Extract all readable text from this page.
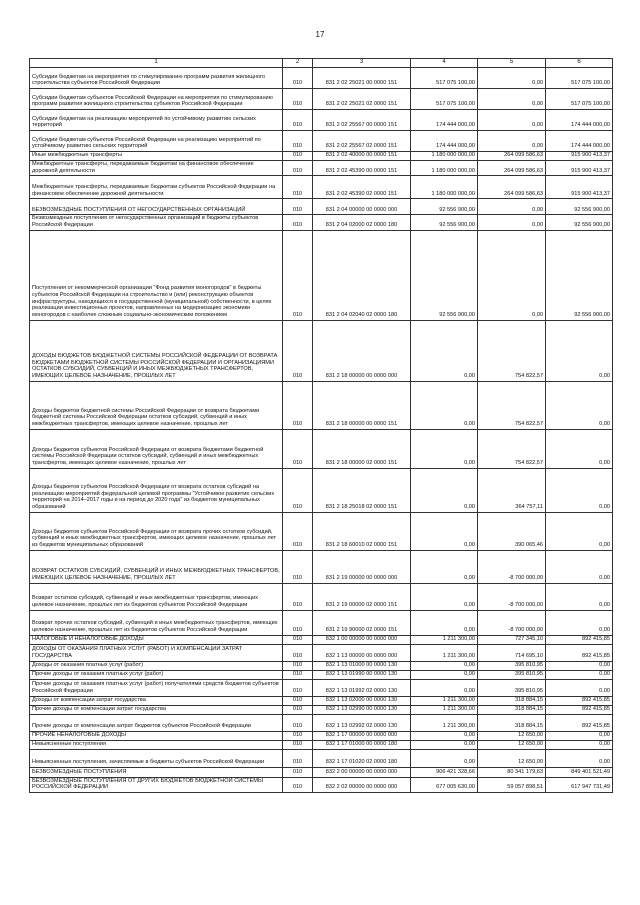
17
1	2	3	4	5	6
Субсидии бюджетам на мероприятия по стимулированию программ развития жилищного строительства субъектов Российской Федерации	010	831 2 02 25021 00 0000 151	517 075 100,00	0,00	517 075 100,00
Субсидии бюджетам субъектов Российской Федерации на мероприятия по стимулированию программ развития жилищного строительства субъектов Российской Федерации	010	831 2 02 25021 02 0000 151	517 075 100,00	0,00	517 075 100,00
Субсидии бюджетам на реализацию мероприятий по устойчивому развитию сельских территорий	010	831 2 02 25567 00 0000 151	174 444 000,00	0,00	174 444 000,00
Субсидии бюджетам субъектов Российской Федерации на реализацию мероприятий по устойчивому развитию сельских территорий	010	831 2 02 25567 02 0000 151	174 444 000,00	0,00	174 444 000,00
Иные межбюджетные трансферты	010	831 2 02 40000 00 0000 151	1 180 000 000,00	264 099 586,63	915 900 413,37
Межбюджетные трансферты, передаваемые бюджетам на финансовое обеспечение дорожной деятельности	010	831 2 02 45390 00 0000 151	1 180 000 000,00	264 099 586,63	915 900 413,37
Межбюджетные трансферты, передаваемые бюджетам субъектов Российской Федерации на финансовое обеспечение дорожной деятельности	010	831 2 02 45390 02 0000 151	1 180 000 000,00	264 099 586,63	915 900 413,37
БЕЗВОЗМЕЗДНЫЕ ПОСТУПЛЕНИЯ ОТ НЕГОСУДАРСТВЕННЫХ ОРГАНИЗАЦИЙ	010	831 2 04 00000 00 0000 000	92 556 900,00	0,00	92 556 900,00
Безвозмездные поступления от негосударственных организаций в бюджеты субъектов Российской Федерации	010	831 2 04 02000 02 0000 180	92 556 900,00	0,00	92 556 900,00
Поступления от некоммерческой организации "Фонд развития моногородов" в бюджеты субъектов Российской Федерации на строительство и (или) реконструкцию объектов инфраструктуры, находящихся в государственной (муниципальной) собственности, в целях реализации инвестиционных проектов, направленных на модернизацию экономики моногородов с наиболее сложным социально-экономическим положением	010	831 2 04 02040 02 0000 180	92 556 900,00	0,00	92 556 900,00
ДОХОДЫ БЮДЖЕТОВ БЮДЖЕТНОЙ СИСТЕМЫ РОССИЙСКОЙ ФЕДЕРАЦИИ ОТ ВОЗВРАТА БЮДЖЕТАМИ БЮДЖЕТНОЙ СИСТЕМЫ РОССИЙСКОЙ ФЕДЕРАЦИИ И ОРГАНИЗАЦИЯМИ ОСТАТКОВ СУБСИДИЙ, СУБВЕНЦИЙ И ИНЫХ МЕЖБЮДЖЕТНЫХ ТРАНСФЕРТОВ, ИМЕЮЩИХ ЦЕЛЕВОЕ НАЗНАЧЕНИЕ, ПРОШЛЫХ ЛЕТ	010	831 2 18 00000 00 0000 000	0,00	754 822,57	0,00
Доходы бюджетов бюджетной системы Российской Федерации от возврата бюджетами бюджетной системы Российской Федерации остатков субсидий, субвенций и иных межбюджетных трансфертов, имеющих целевое назначение, прошлых лет	010	831 2 18 00000 00 0000 151	0,00	754 822,57	0,00
Доходы бюджетов субъектов Российской Федерации от возврата бюджетами бюджетной системы Российской Федерации остатков субсидий, субвенций и иных межбюджетных трансфертов, имеющих целевое назначение, прошлых лет	010	831 2 18 00000 02 0000 151	0,00	754 822,57	0,00
Доходы бюджетов субъектов Российской Федерации от возврата остатков субсидий на реализацию мероприятий федеральной целевой программы "Устойчивое развитие сельских территорий на 2014–2017 годы и на период до 2020 года" из бюджетов муниципальных образований	010	831 2 18 25018 02 0000 151	0,00	364 757,11	0,00
Доходы бюджетов субъектов Российской Федерации от возврата прочих остатков субсидий, субвенций и иных межбюджетных трансфертов, имеющих целевое назначение, прошлых лет из бюджетов муниципальных образований	010	831 2 18 60010 02 0000 151	0,00	390 065,46	0,00
ВОЗВРАТ ОСТАТКОВ СУБСИДИЙ, СУБВЕНЦИЙ И ИНЫХ МЕЖБЮДЖЕТНЫХ ТРАНСФЕРТОВ, ИМЕЮЩИХ ЦЕЛЕВОЕ НАЗНАЧЕНИЕ, ПРОШЛЫХ ЛЕТ	010	831 2 19 00000 00 0000 000	0,00	-8 700 000,00	0,00
Возврат остатков субсидий, субвенций и иных межбюджетных трансфертов, имеющих целевое назначение, прошлых лет из бюджетов субъектов Российской Федерации	010	831 2 19 00000 02 0000 151	0,00	-8 700 000,00	0,00
Возврат прочих остатков субсидий, субвенций и иных межбюджетных трансфертов, имеющих целевое назначение, прошлых лет из бюджетов субъектов Российской Федерации	010	831 2 19 90000 02 0000 151	0,00	-8 700 000,00	0,00
НАЛОГОВЫЕ И НЕНАЛОГОВЫЕ ДОХОДЫ	010	832 1 00 00000 00 0000 000	1 211 300,00	727 345,10	892 415,85
ДОХОДЫ ОТ ОКАЗАНИЯ ПЛАТНЫХ УСЛУГ (РАБОТ) И КОМПЕНСАЦИИ ЗАТРАТ ГОСУДАРСТВА	010	832 1 13 00000 00 0000 000	1 211 300,00	714 695,10	892 415,85
Доходы от оказания платных услуг (работ)	010	832 1 13 01000 00 0000 130	0,00	395 810,95	0,00
Прочие доходы от оказания платных услуг (работ)	010	832 1 13 01990 00 0000 130	0,00	395 810,95	0,00
Прочие доходы от оказания платных услуг (работ) получателями средств бюджетов субъектов Российской Федерации	010	832 1 13 01992 02 0000 130	0,00	395 810,95	0,00
Доходы от компенсации затрат государства	010	832 1 13 02000 00 0000 130	1 211 300,00	318 884,15	892 415,85
Прочие доходы от компенсации затрат государства	010	832 1 13 02990 00 0000 130	1 211 300,00	318 884,15	892 415,85
Прочие доходы от компенсации затрат бюджетов субъектов Российской Федерации	010	832 1 13 02992 02 0000 130	1 211 300,00	318 884,15	892 415,85
ПРОЧИЕ НЕНАЛОГОВЫЕ ДОХОДЫ	010	832 1 17 00000 00 0000 000	0,00	12 650,00	0,00
Невыясненные поступления	010	832 1 17 01000 00 0000 180	0,00	12 650,00	0,00
Невыясненные поступления, зачисляемые в бюджеты субъектов Российской Федерации	010	832 1 17 01020 02 0000 180	0,00	12 650,00	0,00
БЕЗВОЗМЕЗДНЫЕ ПОСТУПЛЕНИЯ	010	832 2 00 00000 00 0000 000	906 421 328,66	80 341 179,63	849 401 521,49
БЕЗВОЗМЕЗДНЫЕ ПОСТУПЛЕНИЯ ОТ ДРУГИХ БЮДЖЕТОВ БЮДЖЕТНОЙ СИСТЕМЫ РОССИЙСКОЙ ФЕДЕРАЦИИ	010	832 2 02 00000 00 0000 000	677 005 630,00	59 057 898,51	617 947 731,49
